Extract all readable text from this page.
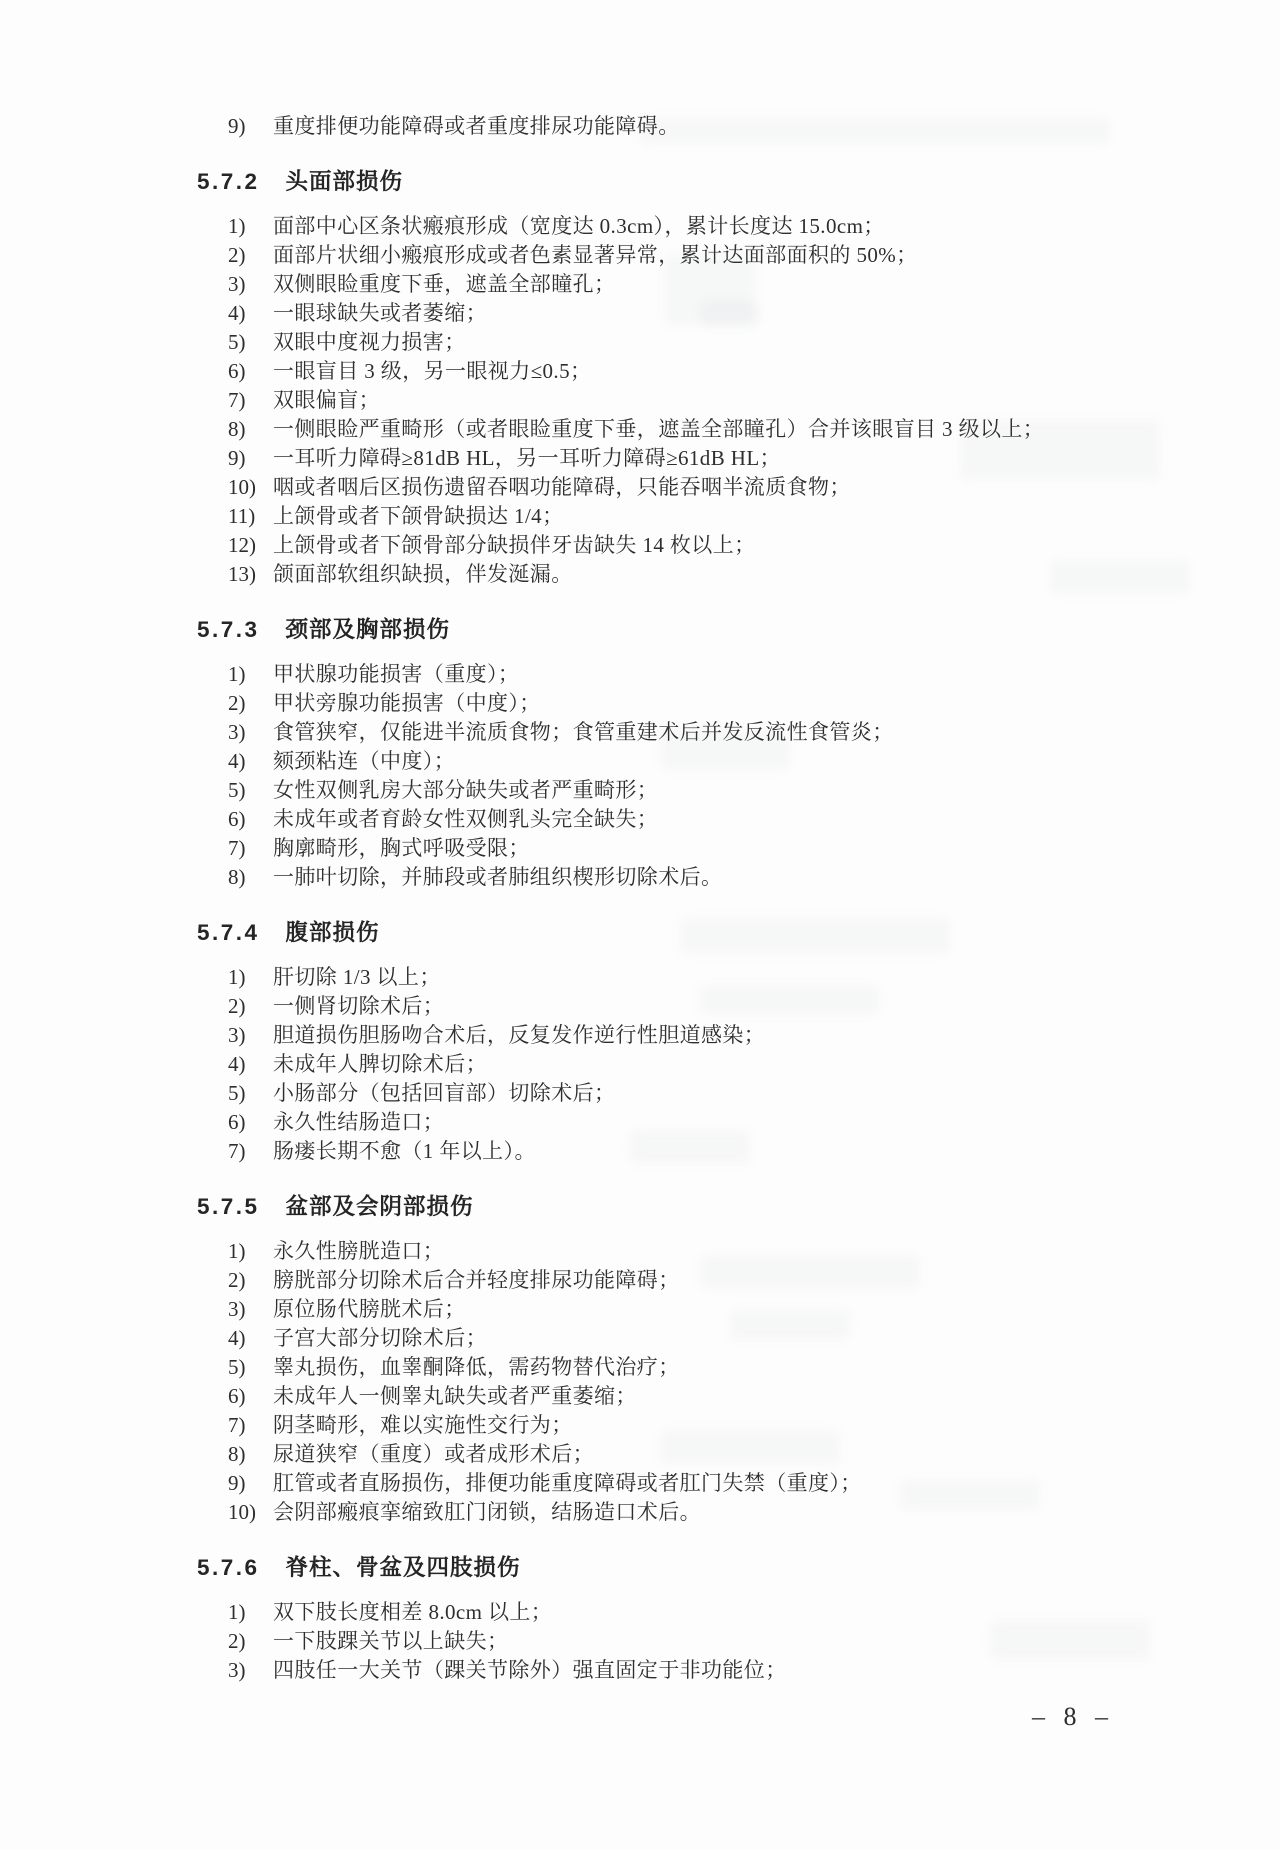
9)	重度排便功能障碍或者重度排尿功能障碍。
5.7.2 头面部损伤
1)	面部中心区条状瘢痕形成（宽度达 0.3cm），累计长度达 15.0cm；
2)	面部片状细小瘢痕形成或者色素显著异常，累计达面部面积的 50%；
3)	双侧眼睑重度下垂，遮盖全部瞳孔；
4)	一眼球缺失或者萎缩；
5)	双眼中度视力损害；
6)	一眼盲目 3 级，另一眼视力≤0.5；
7)	双眼偏盲；
8)	一侧眼睑严重畸形（或者眼睑重度下垂，遮盖全部瞳孔）合并该眼盲目 3 级以上；
9)	一耳听力障碍≥81dB HL，另一耳听力障碍≥61dB HL；
10) 咽或者咽后区损伤遗留吞咽功能障碍，只能吞咽半流质食物；
11) 上颌骨或者下颌骨缺损达 1/4；
12) 上颌骨或者下颌骨部分缺损伴牙齿缺失 14 枚以上；
13) 颌面部软组织缺损，伴发涎漏。
5.7.3 颈部及胸部损伤
1)	甲状腺功能损害（重度）；
2)	甲状旁腺功能损害（中度）；
3)	食管狭窄，仅能进半流质食物；食管重建术后并发反流性食管炎；
4)	颏颈粘连（中度）；
5)	女性双侧乳房大部分缺失或者严重畸形；
6)	未成年或者育龄女性双侧乳头完全缺失；
7)	胸廓畸形，胸式呼吸受限；
8)	一肺叶切除，并肺段或者肺组织楔形切除术后。
5.7.4 腹部损伤
1)	肝切除 1/3 以上；
2)	一侧肾切除术后；
3)	胆道损伤胆肠吻合术后，反复发作逆行性胆道感染；
4)	未成年人脾切除术后；
5)	小肠部分（包括回盲部）切除术后；
6)	永久性结肠造口；
7)	肠瘘长期不愈（1 年以上）。
5.7.5 盆部及会阴部损伤
1)	永久性膀胱造口；
2)	膀胱部分切除术后合并轻度排尿功能障碍；
3)	原位肠代膀胱术后；
4)	子宫大部分切除术后；
5)	睾丸损伤，血睾酮降低，需药物替代治疗；
6)	未成年人一侧睾丸缺失或者严重萎缩；
7)	阴茎畸形，难以实施性交行为；
8)	尿道狭窄（重度）或者成形术后；
9)	肛管或者直肠损伤，排便功能重度障碍或者肛门失禁（重度）；
10) 会阴部瘢痕挛缩致肛门闭锁，结肠造口术后。
5.7.6 脊柱、骨盆及四肢损伤
1)	双下肢长度相差 8.0cm 以上；
2)	一下肢踝关节以上缺失；
3)	四肢任一大关节（踝关节除外）强直固定于非功能位；
– 8 –
